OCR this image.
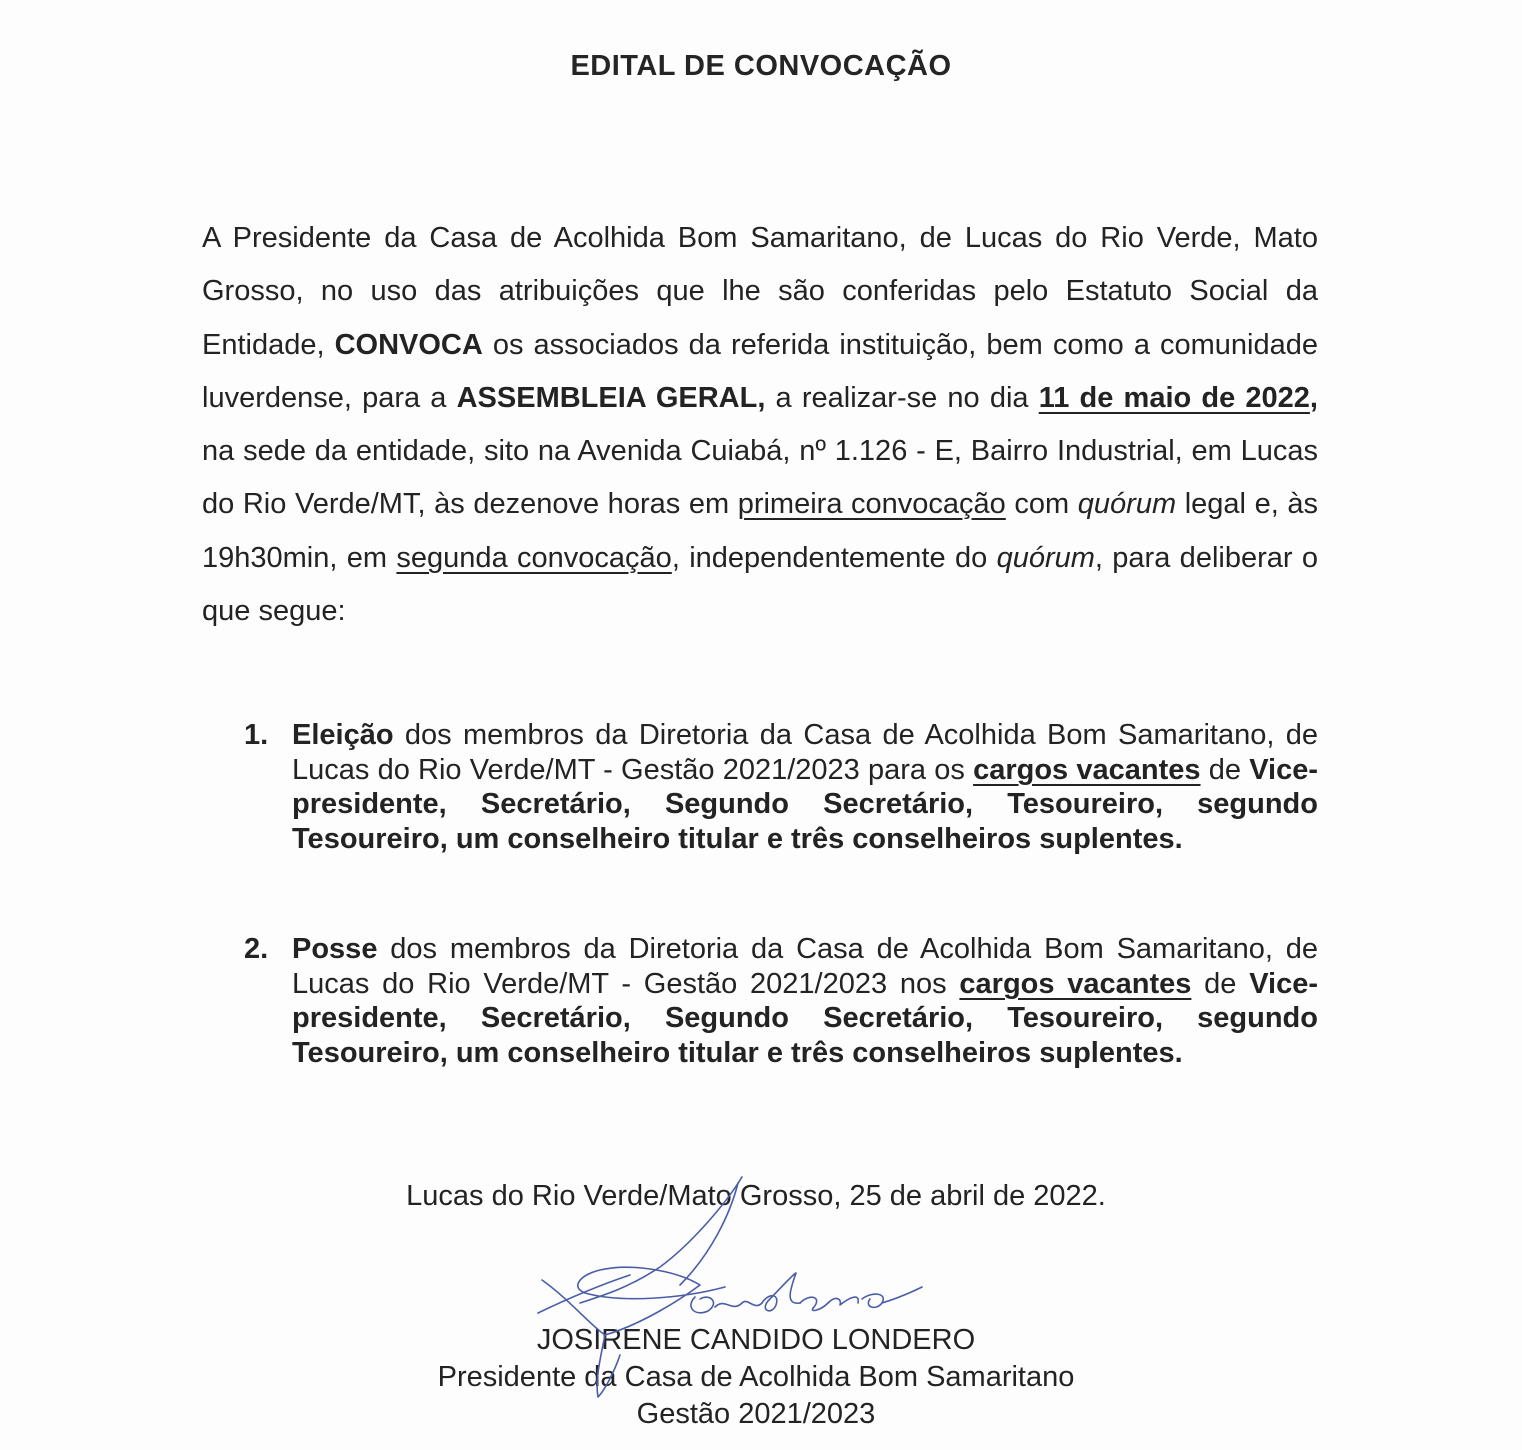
EDITAL DE CONVOCAÇÃO
A Presidente da Casa de Acolhida Bom Samaritano, de Lucas do Rio Verde, Mato Grosso, no uso das atribuições que lhe são conferidas pelo Estatuto Social da Entidade, CONVOCA os associados da referida instituição, bem como a comunidade luverdense, para a ASSEMBLEIA GERAL, a realizar-se no dia 11 de maio de 2022, na sede da entidade, sito na Avenida Cuiabá, nº 1.126 - E, Bairro Industrial, em Lucas do Rio Verde/MT, às dezenove horas em primeira convocação com quórum legal e, às 19h30min, em segunda convocação, independentemente do quórum, para deliberar o que segue:
1. Eleição dos membros da Diretoria da Casa de Acolhida Bom Samaritano, de Lucas do Rio Verde/MT - Gestão 2021/2023 para os cargos vacantes de Vice-presidente, Secretário, Segundo Secretário, Tesoureiro, segundo Tesoureiro, um conselheiro titular e três conselheiros suplentes.
2. Posse dos membros da Diretoria da Casa de Acolhida Bom Samaritano, de Lucas do Rio Verde/MT - Gestão 2021/2023 nos cargos vacantes de Vice-presidente, Secretário, Segundo Secretário, Tesoureiro, segundo Tesoureiro, um conselheiro titular e três conselheiros suplentes.
Lucas do Rio Verde/Mato Grosso, 25 de abril de 2022.
JOSIRENE CANDIDO LONDERO
Presidente da Casa de Acolhida Bom Samaritano
Gestão 2021/2023
